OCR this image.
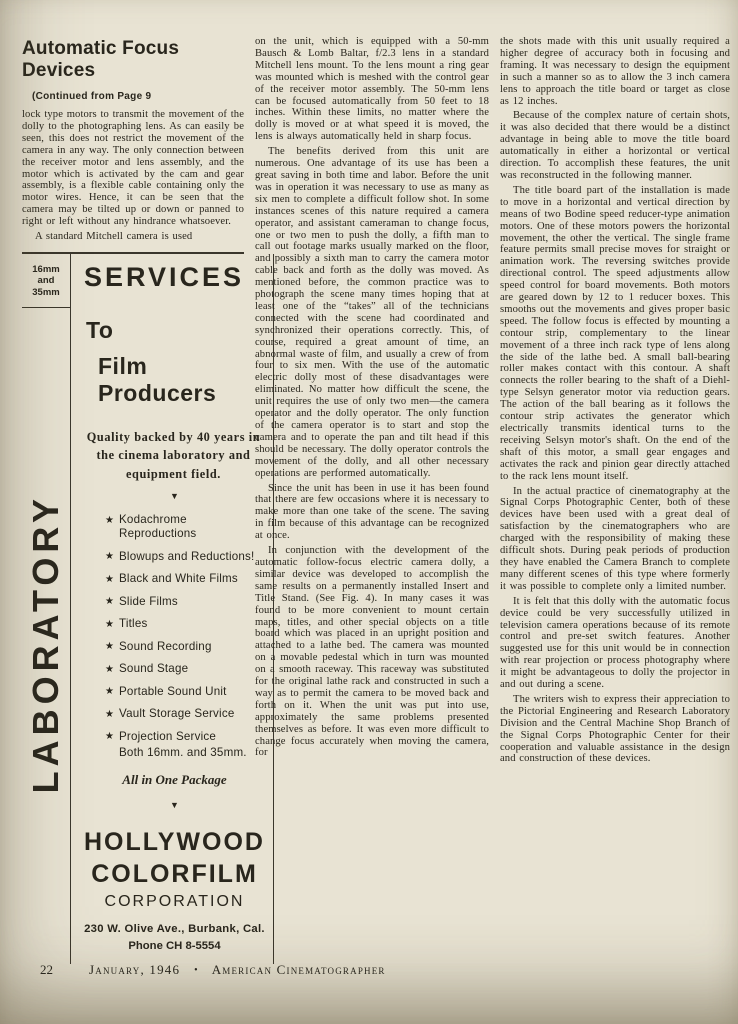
Automatic Focus Devices
(Continued from Page 9

lock type motors to transmit the movement of the dolly to the photographing lens. As can easily be seen, this does not restrict the movement of the camera in any way. The only connection between the receiver motor and lens assembly, and the motor which is activated by the cam and gear assembly, is a flexible cable containing only the motor wires. Hence, it can be seen that the camera may be tilted up or down or panned to right or left without any hindrance whatsoever.

A standard Mitchell camera is used

16mm
and
35mm
LABORATORY
SERVICES
To
Film Producers
Quality backed by 40 years in the cinema laboratory and equipment field.
▼
★ Kodachrome Reproductions
★ Blowups and Reductions!
★ Black and White Films
★ Slide Films
★ Titles
★ Sound Recording
★ Sound Stage
★ Portable Sound Unit
★ Vault Storage Service
★ Projection Service
Both 16mm. and 35mm.
All in One Package
▼
HOLLYWOOD
COLORFILM
CORPORATION
230 W. Olive Ave., Burbank, Cal.
Phone CH 8-5554

on the unit, which is equipped with a 50-mm Bausch & Lomb Baltar, f/2.3 lens in a standard Mitchell lens mount. To the lens mount a ring gear was mounted which is meshed with the control gear of the receiver motor assembly. The 50-mm lens can be focused automatically from 50 feet to 18 inches. Within these limits, no matter where the dolly is moved or at what speed it is moved, the lens is always automatically held in sharp focus.

The benefits derived from this unit are numerous. One advantage of its use has been a great saving in both time and labor. Before the unit was in operation it was necessary to use as many as six men to complete a difficult follow shot. In some instances scenes of this nature required a camera operator, and assistant cameraman to change focus, one or two men to push the dolly, a fifth man to call out footage marks usually marked on the floor, and possibly a sixth man to carry the camera motor cable back and forth as the dolly was moved. As mentioned before, the common practice was to photograph the scene many times hoping that at least one of the “takes” all of the technicians connected with the scene had coordinated and synchronized their operations correctly. This, of course, required a great amount of time, an abnormal waste of film, and usually a crew of from four to six men. With the use of the automatic electric dolly most of these disadvantages were eliminated. No matter how difficult the scene, the unit requires the use of only two men—the camera operator and the dolly operator. The only function of the camera operator is to start and stop the camera and to operate the pan and tilt head if this should be necessary. The dolly operator controls the movement of the dolly, and all other necessary operations are performed automatically.

Since the unit has been in use it has been found that there are few occasions where it is necessary to make more than one take of the scene. The saving in film because of this advantage can be recognized at once.

In conjunction with the development of the automatic follow-focus electric camera dolly, a similar device was developed to accomplish the same results on a permanently installed Insert and Title Stand. (See Fig. 4). In many cases it was found to be more convenient to mount certain maps, titles, and other special objects on a title board which was placed in an upright position and attached to a lathe bed. The camera was mounted on a movable pedestal which in turn was mounted on a smooth raceway. This raceway was substituted for the original lathe rack and constructed in such a way as to permit the camera to be moved back and forth on it. When the unit was put into use, approximately the same problems presented themselves as before. It was even more difficult to change focus accurately when moving the camera, for

the shots made with this unit usually required a higher degree of accuracy both in focusing and framing. It was necessary to design the equipment in such a manner so as to allow the 3 inch camera lens to approach the title board or target as close as 12 inches.

Because of the complex nature of certain shots, it was also decided that there would be a distinct advantage in being able to move the title board automatically in either a horizontal or vertical direction. To accomplish these features, the unit was reconstructed in the following manner.

The title board part of the installation is made to move in a horizontal and vertical direction by means of two Bodine speed reducer-type animation motors. One of these motors powers the horizontal movement, the other the vertical. The single frame feature permits small precise moves for straight or animation work. The reversing switches provide directional control. The speed adjustments allow speed control for board movements. Both motors are geared down by 12 to 1 reducer boxes. This smooths out the movements and gives proper basic speed. The follow focus is effected by mounting a contour strip, complementary to the linear movement of a three inch rack type of lens along the side of the lathe bed. A small ball-bearing roller makes contact with this contour. A shaft connects the roller bearing to the shaft of a Diehl-type Selsyn generator motor via reduction gears. The action of the ball bearing as it follows the contour strip activates the generator which electrically transmits identical turns to the receiving Selsyn motor's shaft. On the end of the shaft of this motor, a small gear engages and activates the rack and pinion gear directly attached to the rack lens mount itself.

In the actual practice of cinematography at the Signal Corps Photographic Center, both of these devices have been used with a great deal of satisfaction by the cinematographers who are charged with the responsibility of making these difficult shots. During peak periods of production they have enabled the Camera Branch to complete many different scenes of this type where formerly it was possible to complete only a limited number.

It is felt that this dolly with the automatic focus device could be very successfully utilized in television camera operations because of its remote control and pre-set switch features. Another suggested use for this unit would be in connection with rear projection or process photography where it might be advantageous to dolly the projector in and out during a scene.

The writers wish to express their appreciation to the Pictorial Engineering and Research Laboratory Division and the Central Machine Shop Branch of the Signal Corps Photographic Center for their cooperation and valuable assistance in the design and construction of these devices.

22	January, 1946 • American Cinematographer
